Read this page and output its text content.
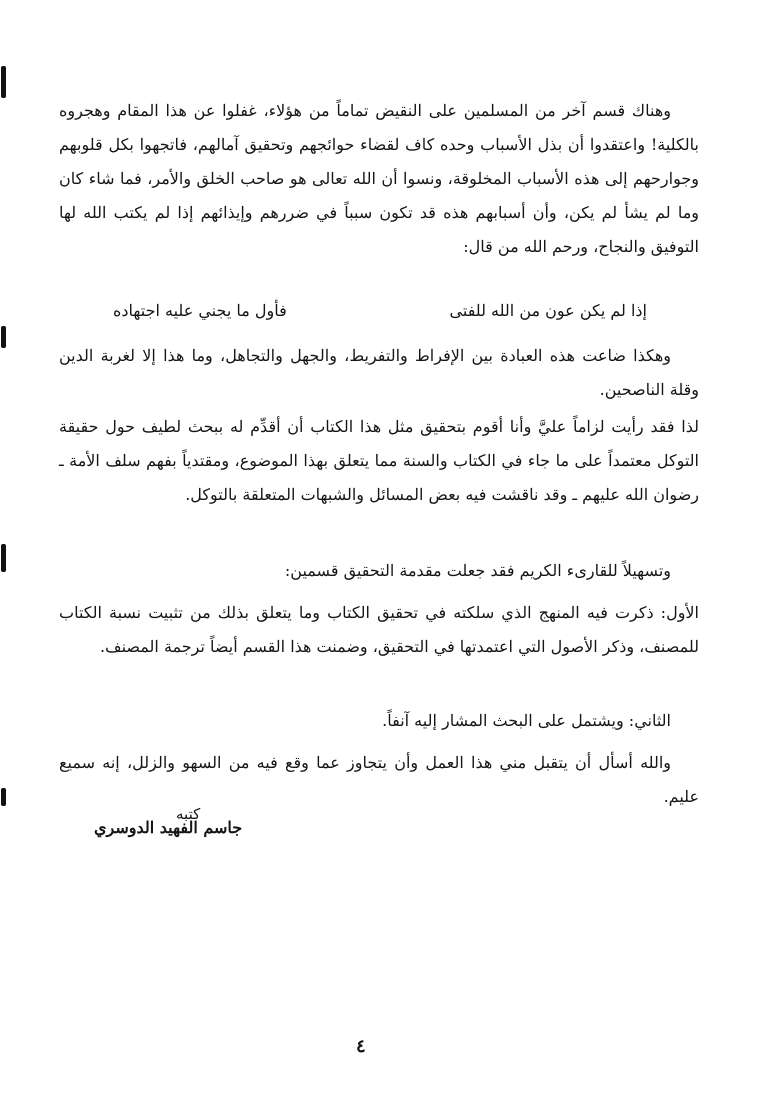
وهناك قسم آخر من المسلمين على النقيض تماماً من هؤلاء، غفلوا عن هذا المقام وهجروه بالكلية! واعتقدوا أن بذل الأسباب وحده كاف لقضاء حوائجهم وتحقيق آمالهم، فاتجهوا بكل قلوبهم وجوارحهم إلى هذه الأسباب المخلوقة، ونسوا أن الله تعالى هو صاحب الخلق والأمر، فما شاء كان وما لم يشأ لم يكن، وأن أسبابهم هذه قد تكون سبباً في ضررهم وإيذائهم إذا لم يكتب الله لها التوفيق والنجاح، ورحم الله من قال:

إذا لم يكن عون من الله للفتى
فأول ما يجني عليه اجتهاده

وهكذا ضاعت هذه العبادة بين الإفراط والتفريط، والجهل والتجاهل، وما هذا إلا لغربة الدين وقلة الناصحين.

لذا فقد رأيت لزاماً عليَّ وأنا أقوم بتحقيق مثل هذا الكتاب أن أقدِّم له ببحث لطيف حول حقيقة التوكل معتمداً على ما جاء في الكتاب والسنة مما يتعلق بهذا الموضوع، ومقتدياً بفهم سلف الأمة ـ رضوان الله عليهم ـ وقد ناقشت فيه بعض المسائل والشبهات المتعلقة بالتوكل.

وتسهيلاً للقارىء الكريم فقد جعلت مقدمة التحقيق قسمين:

الأول: ذكرت فيه المنهج الذي سلكته في تحقيق الكتاب وما يتعلق بذلك من تثبيت نسبة الكتاب للمصنف، وذكر الأصول التي اعتمدتها في التحقيق، وضمنت هذا القسم أيضاً ترجمة المصنف.

الثاني: ويشتمل على البحث المشار إليه آنفاً.

والله أسأل أن يتقبل مني هذا العمل وأن يتجاوز عما وقع فيه من السهو والزلل، إنه سميع عليم.

كتبه
جاسم الفهيد الدوسري
٤
